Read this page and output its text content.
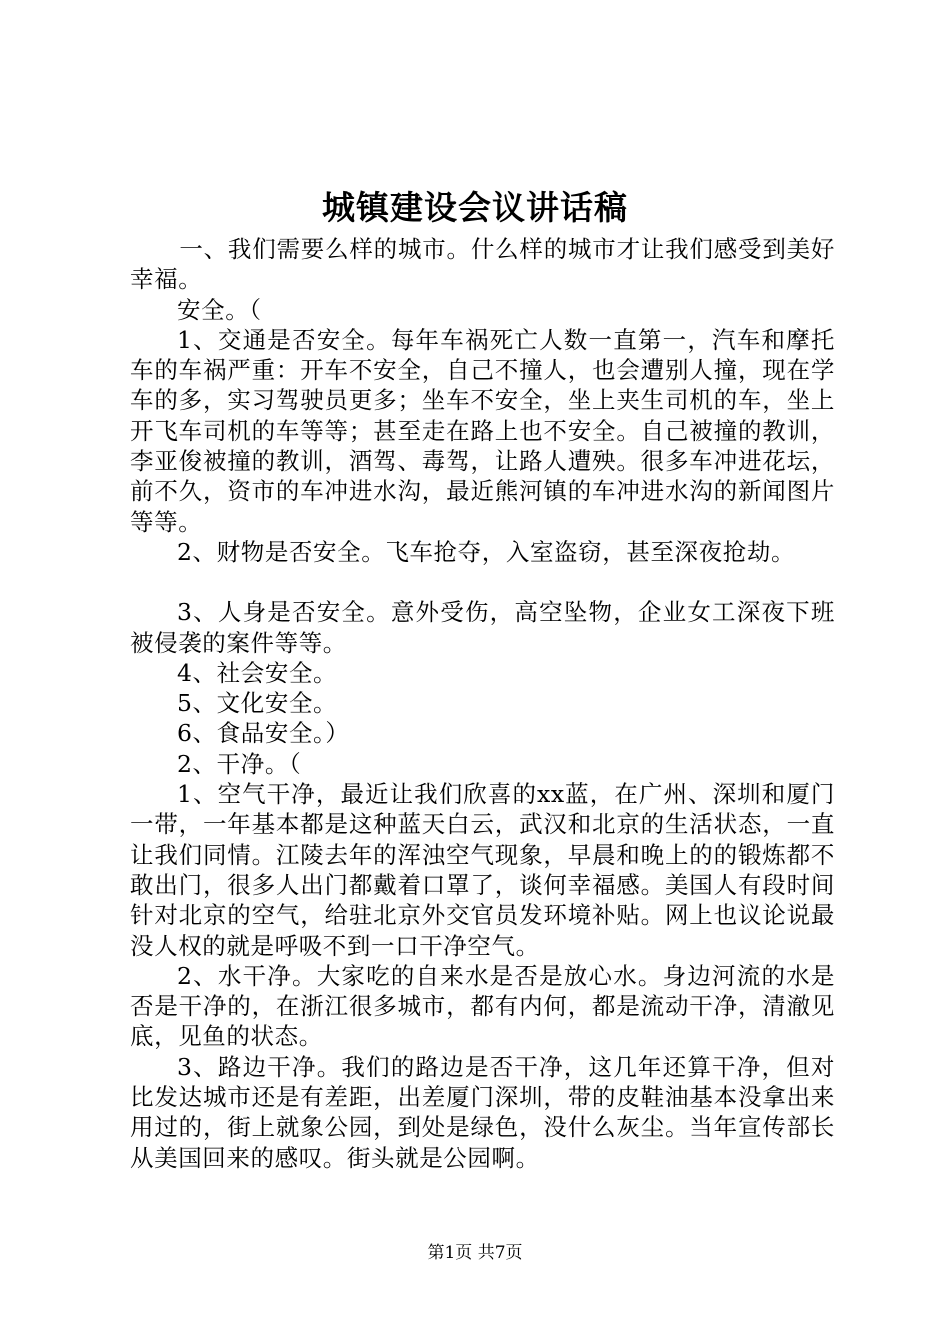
城镇建设会议讲话稿

一、我们需要么样的城市。什么样的城市才让我们感受到美好幸福。

安全。（

1、交通是否安全。每年车祸死亡人数一直第一，汽车和摩托车的车祸严重：开车不安全，自己不撞人，也会遭别人撞，现在学车的多，实习驾驶员更多；坐车不安全，坐上夹生司机的车，坐上开飞车司机的车等等；甚至走在路上也不安全。自己被撞的教训，李亚俊被撞的教训，酒驾、毒驾，让路人遭殃。很多车冲进花坛，前不久，资市的车冲进水沟，最近熊河镇的车冲进水沟的新闻图片等等。

2、财物是否安全。飞车抢夺，入室盗窃，甚至深夜抢劫。

3、人身是否安全。意外受伤，高空坠物，企业女工深夜下班被侵袭的案件等等。

4、社会安全。

5、文化安全。

6、食品安全。）

2、干净。（

1、空气干净，最近让我们欣喜的xx蓝，在广州、深圳和厦门一带，一年基本都是这种蓝天白云，武汉和北京的生活状态，一直让我们同情。江陵去年的浑浊空气现象，早晨和晚上的的锻炼都不敢出门，很多人出门都戴着口罩了，谈何幸福感。美国人有段时间针对北京的空气，给驻北京外交官员发环境补贴。网上也议论说最没人权的就是呼吸不到一口干净空气。

2、水干净。大家吃的自来水是否是放心水。身边河流的水是否是干净的，在浙江很多城市，都有内何，都是流动干净，清澈见底，见鱼的状态。

3、路边干净。我们的路边是否干净，这几年还算干净，但对比发达城市还是有差距，出差厦门深圳，带的皮鞋油基本没拿出来用过的，街上就象公园，到处是绿色，没什么灰尘。当年宣传部长从美国回来的感叹。街头就是公园啊。

第1页 共7页
